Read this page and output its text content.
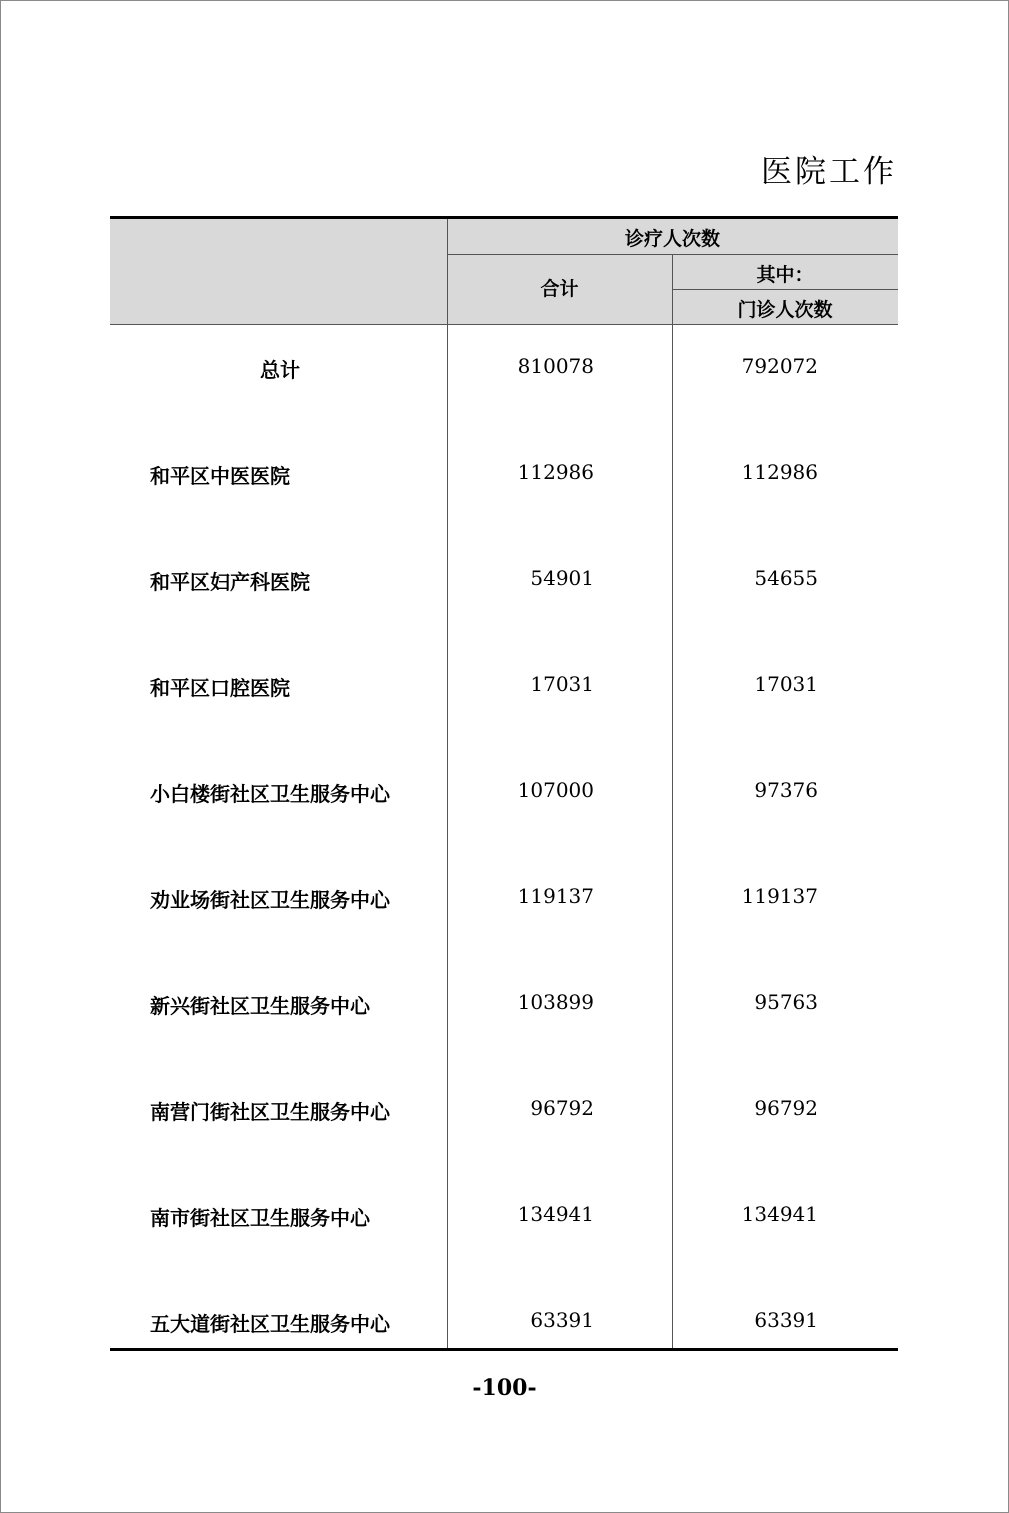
医院工作
诊疗人次数
合计
其中：
门诊人次数
总计	810078	792072
和平区中医医院	112986	112986
和平区妇产科医院	54901	54655
和平区口腔医院	17031	17031
小白楼街社区卫生服务中心	107000	97376
劝业场街社区卫生服务中心	119137	119137
新兴街社区卫生服务中心	103899	95763
南营门街社区卫生服务中心	96792	96792
南市街社区卫生服务中心	134941	134941
五大道街社区卫生服务中心	63391	63391
-100-
